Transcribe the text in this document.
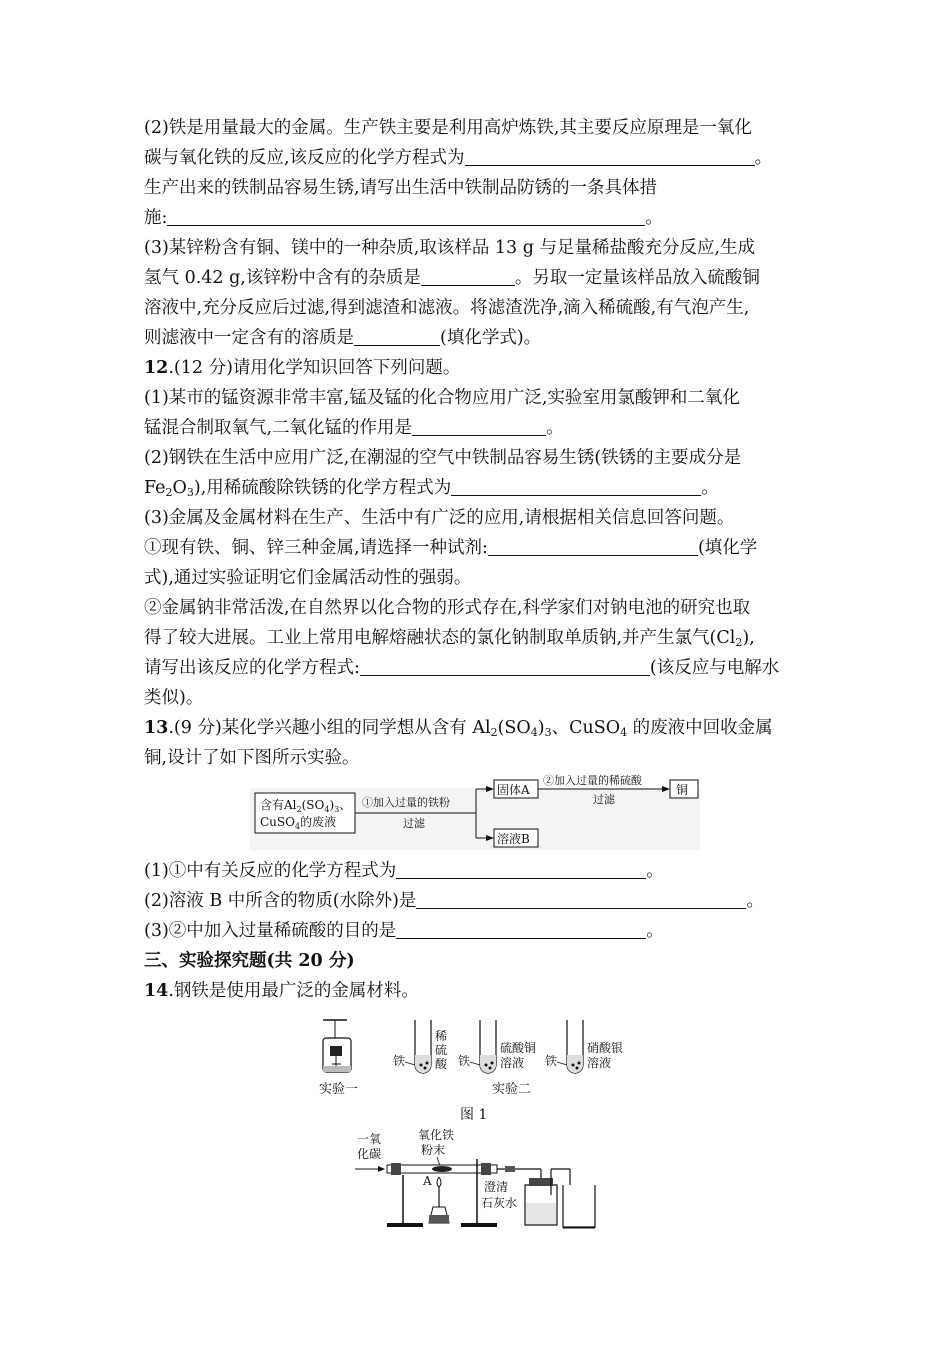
(2)铁是用量最大的金属。生产铁主要是利用高炉炼铁,其主要反应原理是一氧化
碳与氧化铁的反应,该反应的化学方程式为	。
生产出来的铁制品容易生锈,请写出生活中铁制品防锈的一条具体措
施:	。
(3)某锌粉含有铜、镁中的一种杂质,取该样品 13 g 与足量稀盐酸充分反应,生成
氢气 0.42 g,该锌粉中含有的杂质是	。另取一定量该样品放入硫酸铜
溶液中,充分反应后过滤,得到滤渣和滤液。将滤渣洗净,滴入稀硫酸,有气泡产生,
则滤液中一定含有的溶质是	(填化学式)。
12.(12 分)请用化学知识回答下列问题。
(1)某市的锰资源非常丰富,锰及锰的化合物应用广泛,实验室用氯酸钾和二氧化
锰混合制取氧气,二氧化锰的作用是	。
(2)钢铁在生活中应用广泛,在潮湿的空气中铁制品容易生锈(铁锈的主要成分是
$Fe_2O_3$),用稀硫酸除铁锈的化学方程式为	。
(3)金属及金属材料在生产、生活中有广泛的应用,请根据相关信息回答问题。
①现有铁、铜、锌三种金属,请选择一种试剂:	(填化学
式),通过实验证明它们金属活动性的强弱。
②金属钠非常活泼,在自然界以化合物的形式存在,科学家们对钠电池的研究也取
得了较大进展。工业上常用电解熔融状态的氯化钠制取单质钠,并产生氯气$(Cl_2)$,
请写出该反应的化学方程式:	(该反应与电解水
类似)。
13.(9 分)某化学兴趣小组的同学想从含有 $Al_2(SO_4)_3$、CuSO$_4$ 的废液中回收金属
铜,设计了如下图所示实验。
含有$Al_2(SO_4)_3$、
CuSO$_4$的废液
①加入过量的铁粉
过滤
固体A
溶液B
②加入过量的稀硫酸
过滤
铜
(1)①中有关反应的化学方程式为	。
(2)溶液 B 中所含的物质(水除外)是	。
(3)②中加入过量稀硫酸的目的是	。
三、实验探究题(共 20 分)
14.钢铁是使用最广泛的金属材料。
实验一
铁
稀
硫
酸 铁
硫酸铜
溶液 铁
硝酸银
溶液
实验二
图 1
一氧
化碳
氧化铁
粉末
A	澄清
石灰水
